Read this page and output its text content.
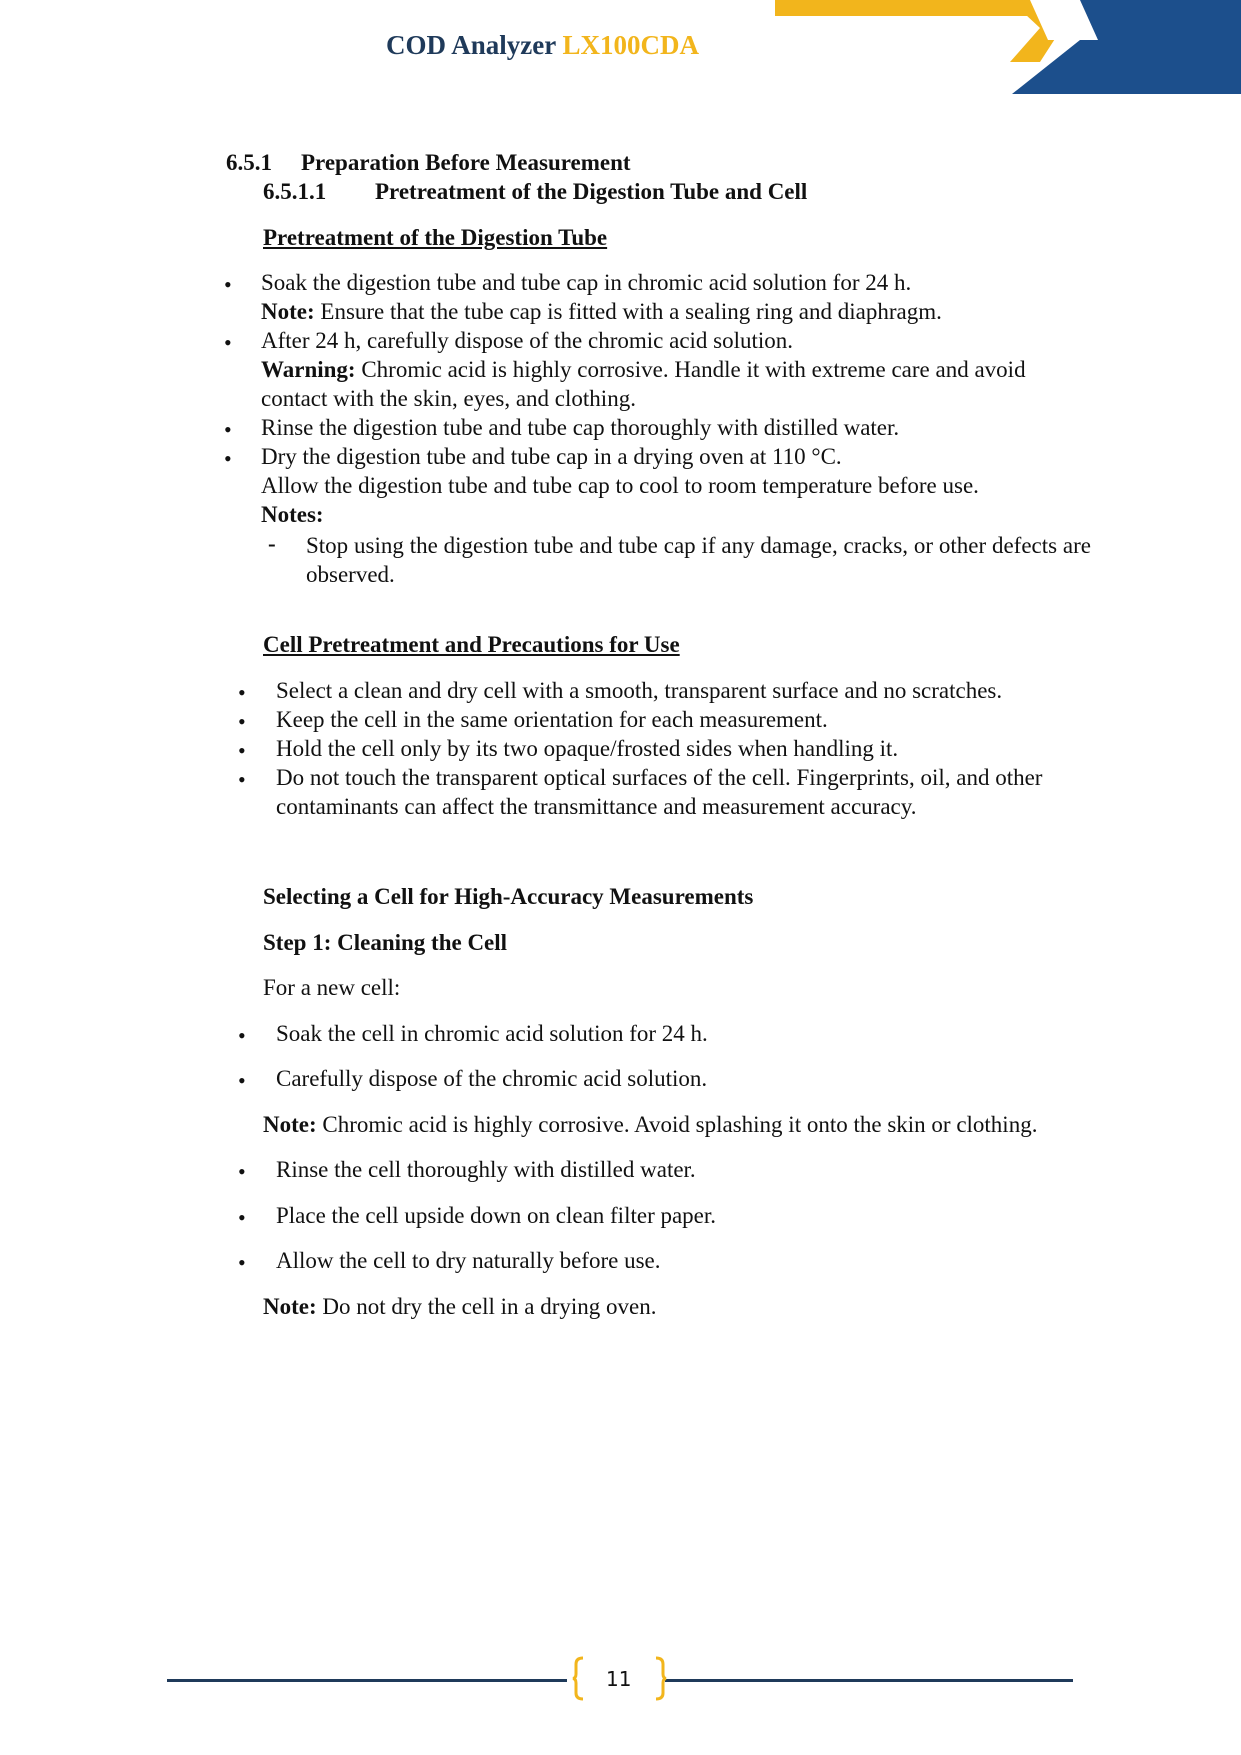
COD Analyzer LX100CDA
6.5.1 Preparation Before Measurement
6.5.1.1 Pretreatment of the Digestion Tube and Cell
Pretreatment of the Digestion Tube
• Soak the digestion tube and tube cap in chromic acid solution for 24 h.
Note: Ensure that the tube cap is fitted with a sealing ring and diaphragm.
• After 24 h, carefully dispose of the chromic acid solution.
Warning: Chromic acid is highly corrosive. Handle it with extreme care and avoid
contact with the skin, eyes, and clothing.
• Rinse the digestion tube and tube cap thoroughly with distilled water.
• Dry the digestion tube and tube cap in a drying oven at 110 °C.
Allow the digestion tube and tube cap to cool to room temperature before use.
Notes:
- Stop using the digestion tube and tube cap if any damage, cracks, or other defects are observed.
Cell Pretreatment and Precautions for Use
• Select a clean and dry cell with a smooth, transparent surface and no scratches.
• Keep the cell in the same orientation for each measurement.
• Hold the cell only by its two opaque/frosted sides when handling it.
• Do not touch the transparent optical surfaces of the cell. Fingerprints, oil, and other
contaminants can affect the transmittance and measurement accuracy.
Selecting a Cell for High-Accuracy Measurements
Step 1: Cleaning the Cell
For a new cell:
• Soak the cell in chromic acid solution for 24 h.
• Carefully dispose of the chromic acid solution.
Note: Chromic acid is highly corrosive. Avoid splashing it onto the skin or clothing.
• Rinse the cell thoroughly with distilled water.
• Place the cell upside down on clean filter paper.
• Allow the cell to dry naturally before use.
Note: Do not dry the cell in a drying oven.
11
